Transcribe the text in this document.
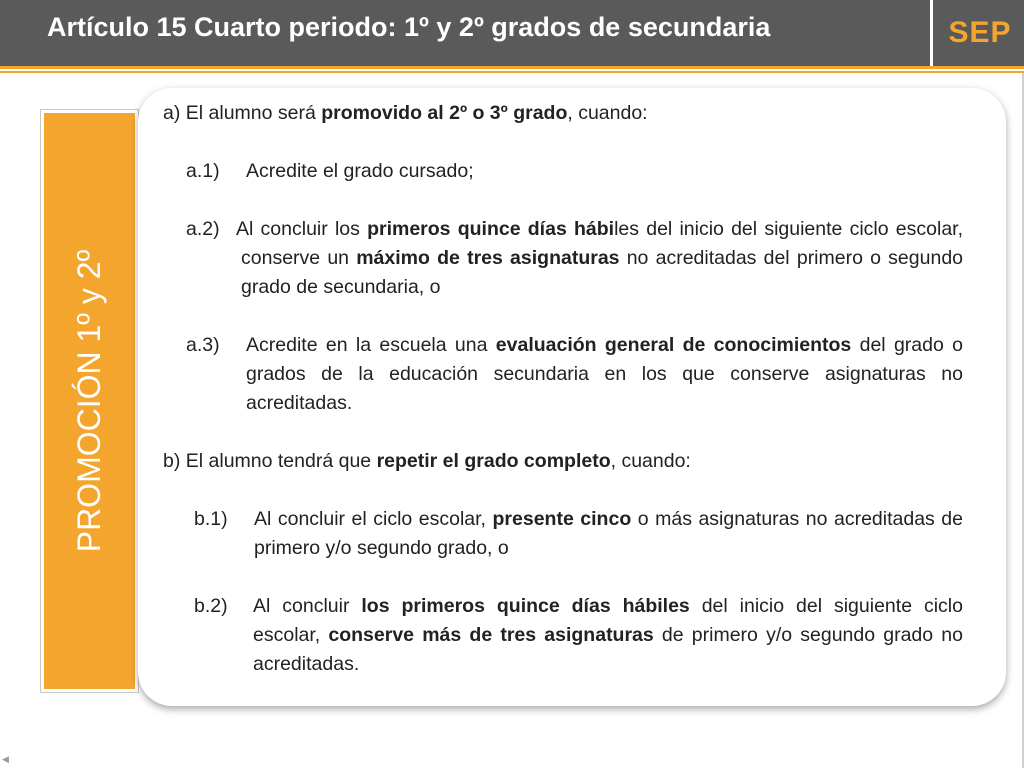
Artículo 15 Cuarto periodo: 1º y 2º grados de secundaria	SEP
PROMOCIÓN 1º y 2º

a) El alumno será promovido al 2º o 3º grado, cuando:

a.1)	Acredite el grado cursado;
a.2) Al concluir los primeros quince días hábiles del inicio del siguiente ciclo escolar, conserve un máximo de tres asignaturas no acreditadas del primero o segundo grado de secundaria, o
a.3)	Acredite en la escuela una evaluación general de conocimientos del grado o grados de la educación secundaria en los que conserve asignaturas no acreditadas.

b) El alumno tendrá que repetir el grado completo, cuando:

b.1)	Al concluir el ciclo escolar, presente cinco o más asignaturas no acreditadas de primero y/o segundo grado, o
b.2)	Al concluir los primeros quince días hábiles del inicio del siguiente ciclo escolar, conserve más de tres asignaturas de primero y/o segundo grado no acreditadas.
◀
